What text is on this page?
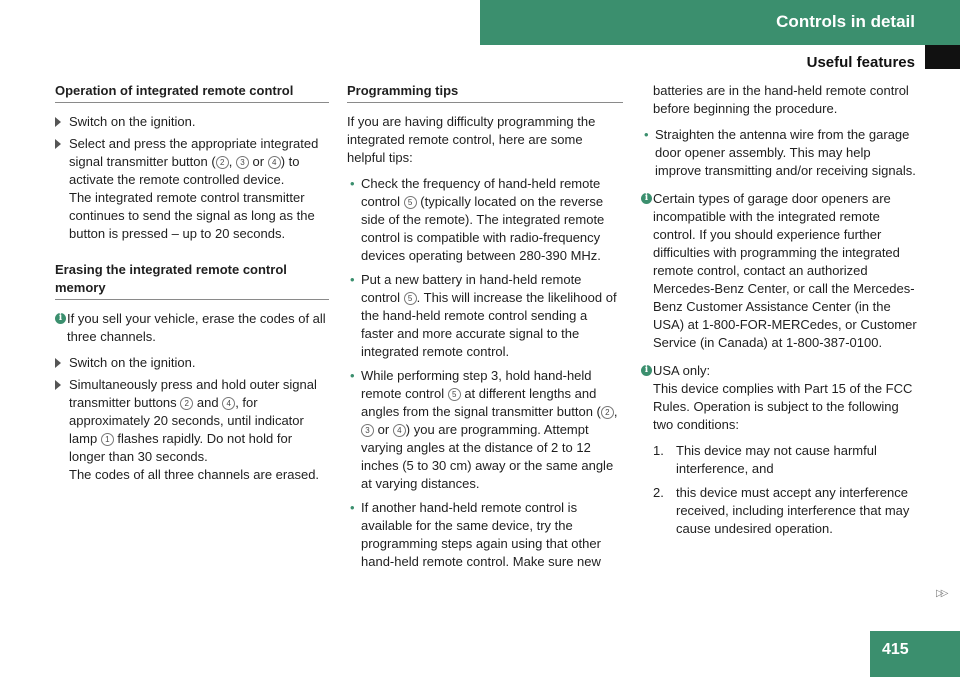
Controls in detail
Useful features
Operation of integrated remote control
Switch on the ignition.
Select and press the appropriate integrated signal transmitter button ( 2 , 3 or 4 ) to activate the remote controlled device.
The integrated remote control transmitter continues to send the signal as long as the button is pressed – up to 20 seconds.
Erasing the integrated remote control memory
i If you sell your vehicle, erase the codes of all three channels.
Switch on the ignition.
Simultaneously press and hold outer signal transmitter buttons 2 and 4 , for approximately 20 seconds, until indicator lamp 1 flashes rapidly. Do not hold for longer than 30 seconds.
The codes of all three channels are erased.
Programming tips

If you are having difficulty programming the integrated remote control, here are some helpful tips:

• Check the frequency of hand-held remote control 5 (typically located on the reverse side of the remote). The integrated remote control is compatible with radio-frequency devices operating between 280-390 MHz.
• Put a new battery in hand-held remote control 5 . This will increase the likelihood of the hand-held remote control sending a faster and more accurate signal to the integrated remote control.
• While performing step 3, hold hand-held remote control 5 at different lengths and angles from the signal transmitter button ( 2 , 3 or 4 ) you are programming. Attempt varying angles at the distance of 2 to 12 inches (5 to 30 cm) away or the same angle at varying distances.
• If another hand-held remote control is available for the same device, try the programming steps again using that other hand-held remote control. Make sure new

batteries are in the hand-held remote control before beginning the procedure.

• Straighten the antenna wire from the garage door opener assembly. This may help improve transmitting and/or receiving signals.
i Certain types of garage door openers are incompatible with the integrated remote control. If you should experience further difficulties with programming the integrated remote control, contact an authorized Mercedes-Benz Center, or call the Mercedes-Benz Customer Assistance Center (in the USA) at 1-800-FOR-MERCedes, or Customer Service (in Canada) at 1-800-387-0100.
i USA only:
This device complies with Part 15 of the FCC Rules. Operation is subject to the following two conditions:
1. This device may not cause harmful interference, and
2. this device must accept any interference received, including interference that may cause undesired operation.
▷▷
415
